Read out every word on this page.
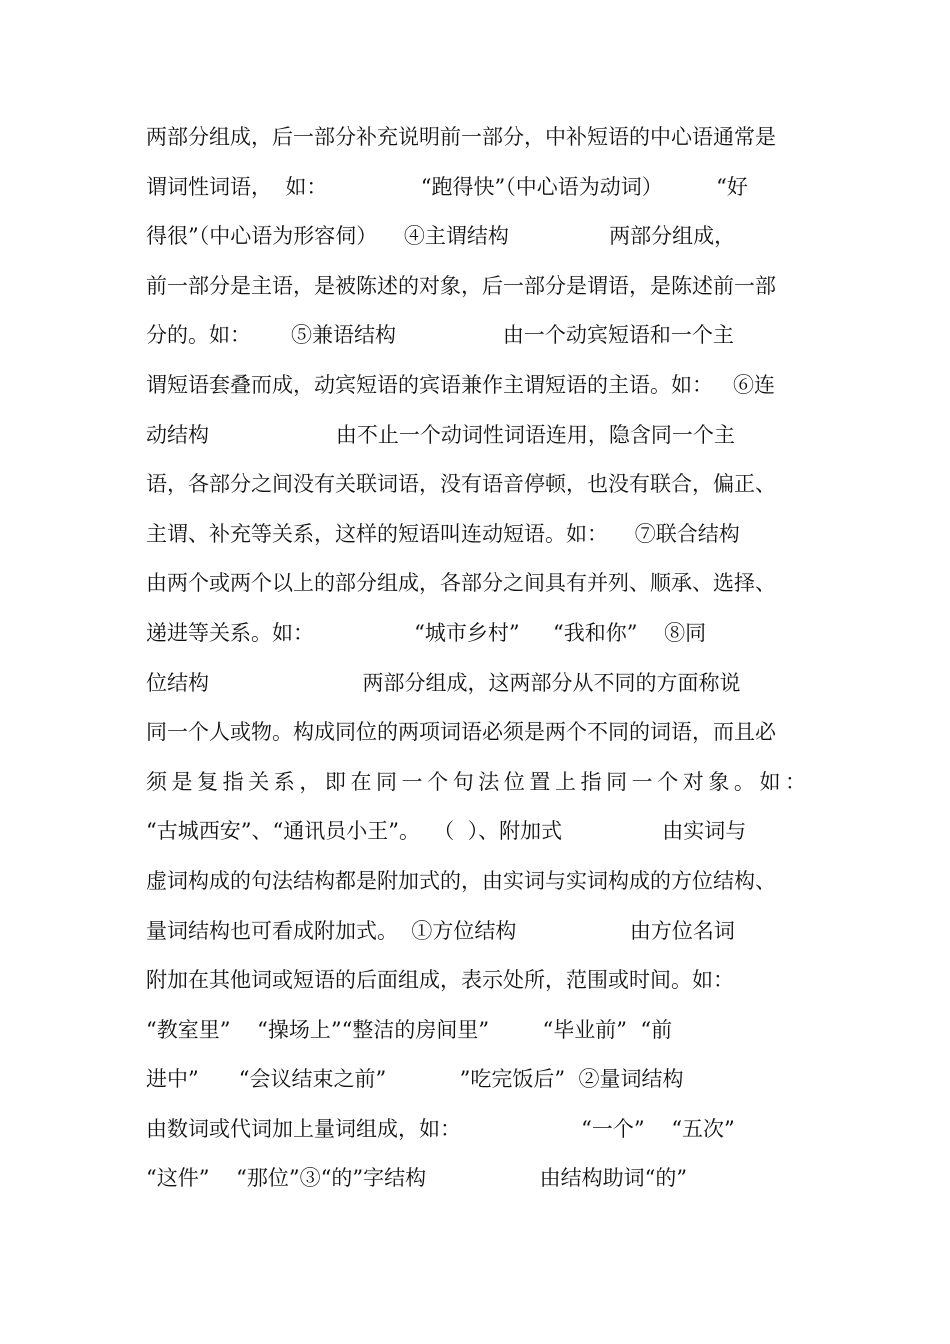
两部分组成，后一部分补充说明前一部分，中补短语的中心语通常是
谓词性词语，  如：              “跑得快”（中心语为动词）        “好
得很”（中心语为形容伺）    ④主谓结构               两部分组成，
前一部分是主语，是被陈述的对象，后一部分是谓语，是陈述前一部
分的。如：      ⑤兼语结构                由一个动宾短语和一个主
谓短语套叠而成，动宾短语的宾语兼作主谓短语的主语。如：   ⑥连
动结构                   由不止一个动词性词语连用，隐含同一个主
语，各部分之间没有关联词语，没有语音停顿，也没有联合，偏正、
主谓、补充等关系，这样的短语叫连动短语。如：    ⑦联合结构
由两个或两个以上的部分组成，各部分之间具有并列、顺承、选择、
递进等关系。如：               “城市乡村”     “我和你”    ⑧同
位结构                       两部分组成，这两部分从不同的方面称说
同一个人或物。构成同位的两项词语必须是两个不同的词语，而且必
须是复指关系，即在同一个句法位置上指同一个对象。如：
“古城西安”、“通讯员小王”。  （  ）、附加式               由实词与
虚词构成的句法结构都是附加式的，由实词与实词构成的方位结构、
量词结构也可看成附加式。  ①方位结构                 由方位名词
附加在其他词或短语的后面组成，表示处所，范围或时间。如：
“教室里”    “操场上”“整洁的房间里”        “毕业前”  “前
进中”      “会议结束之前”           ”吃完饭后”  ②量词结构
由数词或代词加上量词组成，如：                  “一个”    “五次”
“这件”    “那位”③“的”字结构                 由结构助词“的”
